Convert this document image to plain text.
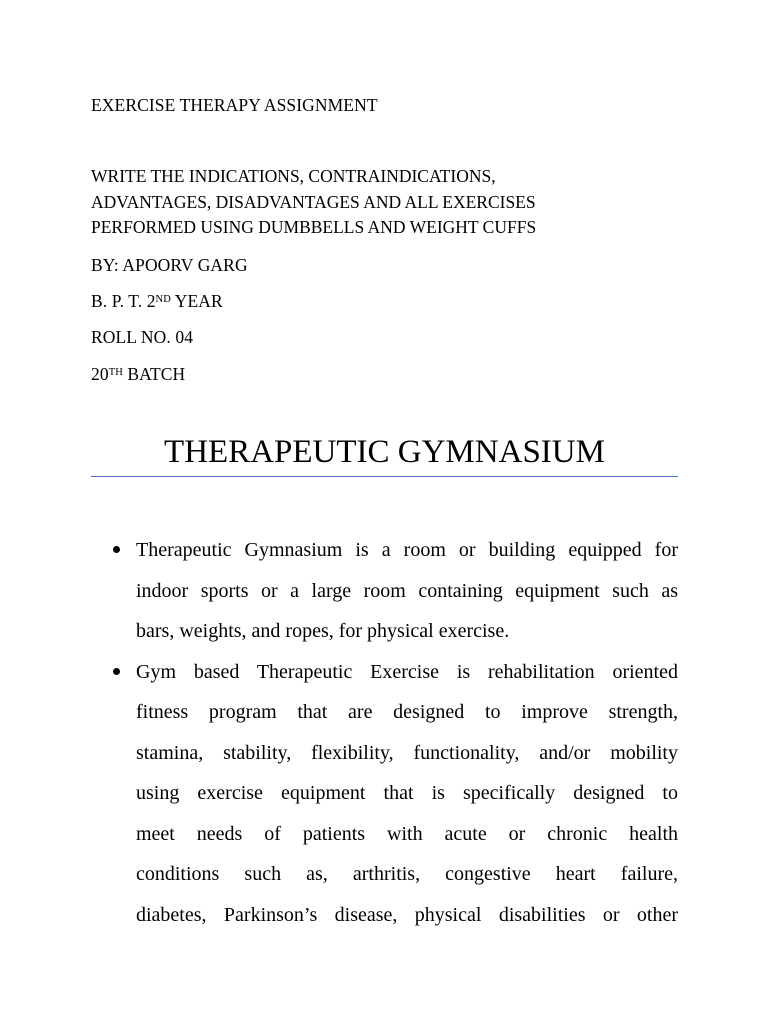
EXERCISE THERAPY ASSIGNMENT
WRITE THE INDICATIONS, CONTRAINDICATIONS,
ADVANTAGES, DISADVANTAGES AND ALL EXERCISES
PERFORMED USING DUMBBELLS AND WEIGHT CUFFS
BY: APOORV GARG
B. P. T. 2ND YEAR
ROLL NO. 04
20TH BATCH
THERAPEUTIC GYMNASIUM
Therapeutic Gymnasium is a room or building equipped for
indoor sports or a large room containing equipment such as
bars, weights, and ropes, for physical exercise.
Gym based Therapeutic Exercise is rehabilitation oriented
fitness program that are designed to improve strength,
stamina, stability, flexibility, functionality, and/or mobility
using exercise equipment that is specifically designed to
meet needs of patients with acute or chronic health
conditions such as, arthritis, congestive heart failure,
diabetes, Parkinson’s disease, physical disabilities or other
